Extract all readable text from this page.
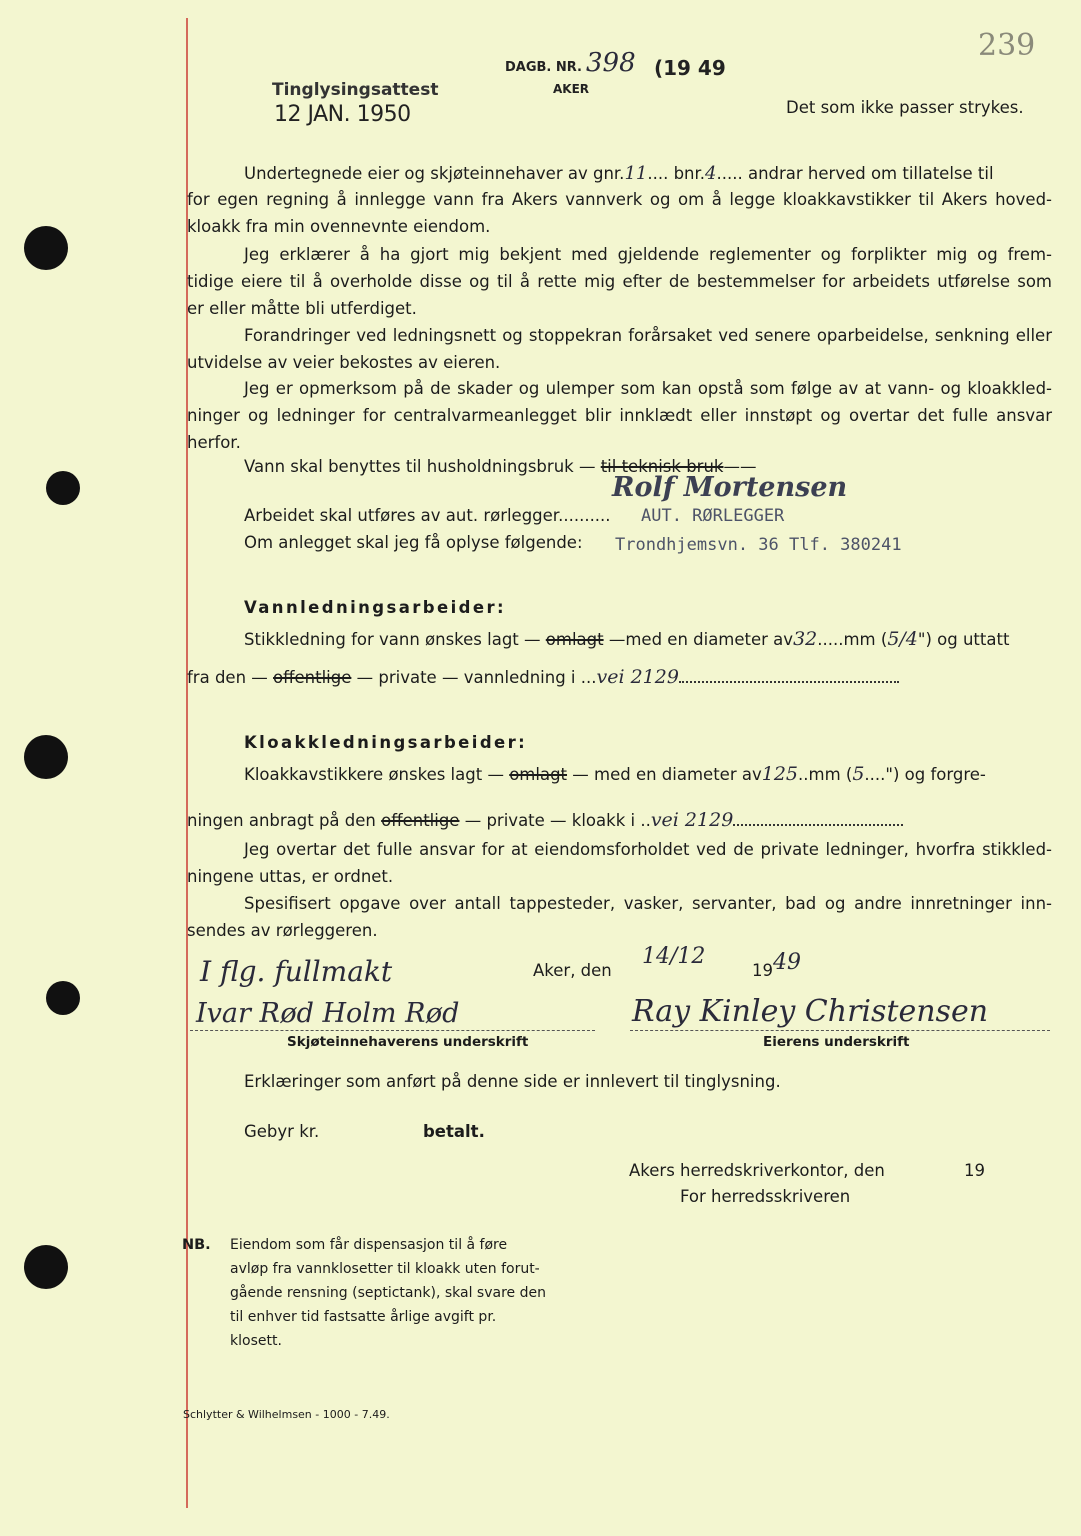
Tinglysingsattest
12 JAN. 1950
DAGB. NR. 398 (19 49
AKER
239
Det som ikke passer strykes.
Undertegnede eier og skjøteinnehaver av gnr.11.... bnr.4..... andrar herved om tillatelse til
for egen regning å innlegge vann fra Akers vannverk og om å legge kloakkavstikker til Akers hoved-
kloakk fra min ovennevnte eiendom.
Jeg erklærer å ha gjort mig bekjent med gjeldende reglementer og forplikter mig og frem-
tidige eiere til å overholde disse og til å rette mig efter de bestemmelser for arbeidets utførelse som
er eller måtte bli utferdiget.
Forandringer ved ledningsnett og stoppekran forårsaket ved senere oparbeidelse, senkning eller
utvidelse av veier bekostes av eieren.
Jeg er opmerksom på de skader og ulemper som kan opstå som følge av at vann- og kloakkled-
ninger og ledninger for centralvarmeanlegget blir innklædt eller innstøpt og overtar det fulle ansvar
herfor.
Vann skal benyttes til husholdningsbruk — til teknisk bruk——
Rolf Mortensen
AUT. RØRLEGGER
Trondhjemsvn. 36 Tlf. 380241
Arbeidet skal utføres av aut. rørlegger..........
Om anlegget skal jeg få oplyse følgende:
Vannledningsarbeider:
Stikkledning for vann ønskes lagt — omlagt —med en diameter av32.....mm (5/4") og uttatt
fra den — offentlige — private — vannledning i ...vei 2129
Kloakkledningsarbeider:
Kloakkavstikkere ønskes lagt — omlagt — med en diameter av125..mm (5....") og forgre-
ningen anbragt på den offentlige — private — kloakk i ..vei 2129
Jeg overtar det fulle ansvar for at eiendomsforholdet ved de private ledninger, hvorfra stikkled-
ningene uttas, er ordnet.
Spesifisert opgave over antall tappesteder, vasker, servanter, bad og andre innretninger inn-
sendes av rørleggeren.
I flg. fullmakt
Ivar Rød Holm Rød
Aker, den
14/12
19 49
Ray Kinley Christensen
Skjøteinnehaverens underskrift	Eierens underskrift
Erklæringer som anført på denne side er innlevert til tinglysning.
Gebyr kr.	betalt.
Akers herredskriverkontor, den	19
For herredsskriveren
NB. Eiendom som får dispensasjon til å føre
avløp fra vannklosetter til kloakk uten forut-
gående rensning (septictank), skal svare den
til enhver tid fastsatte årlige avgift pr. klosett.
Schlytter & Wilhelmsen - 1000 - 7.49.
